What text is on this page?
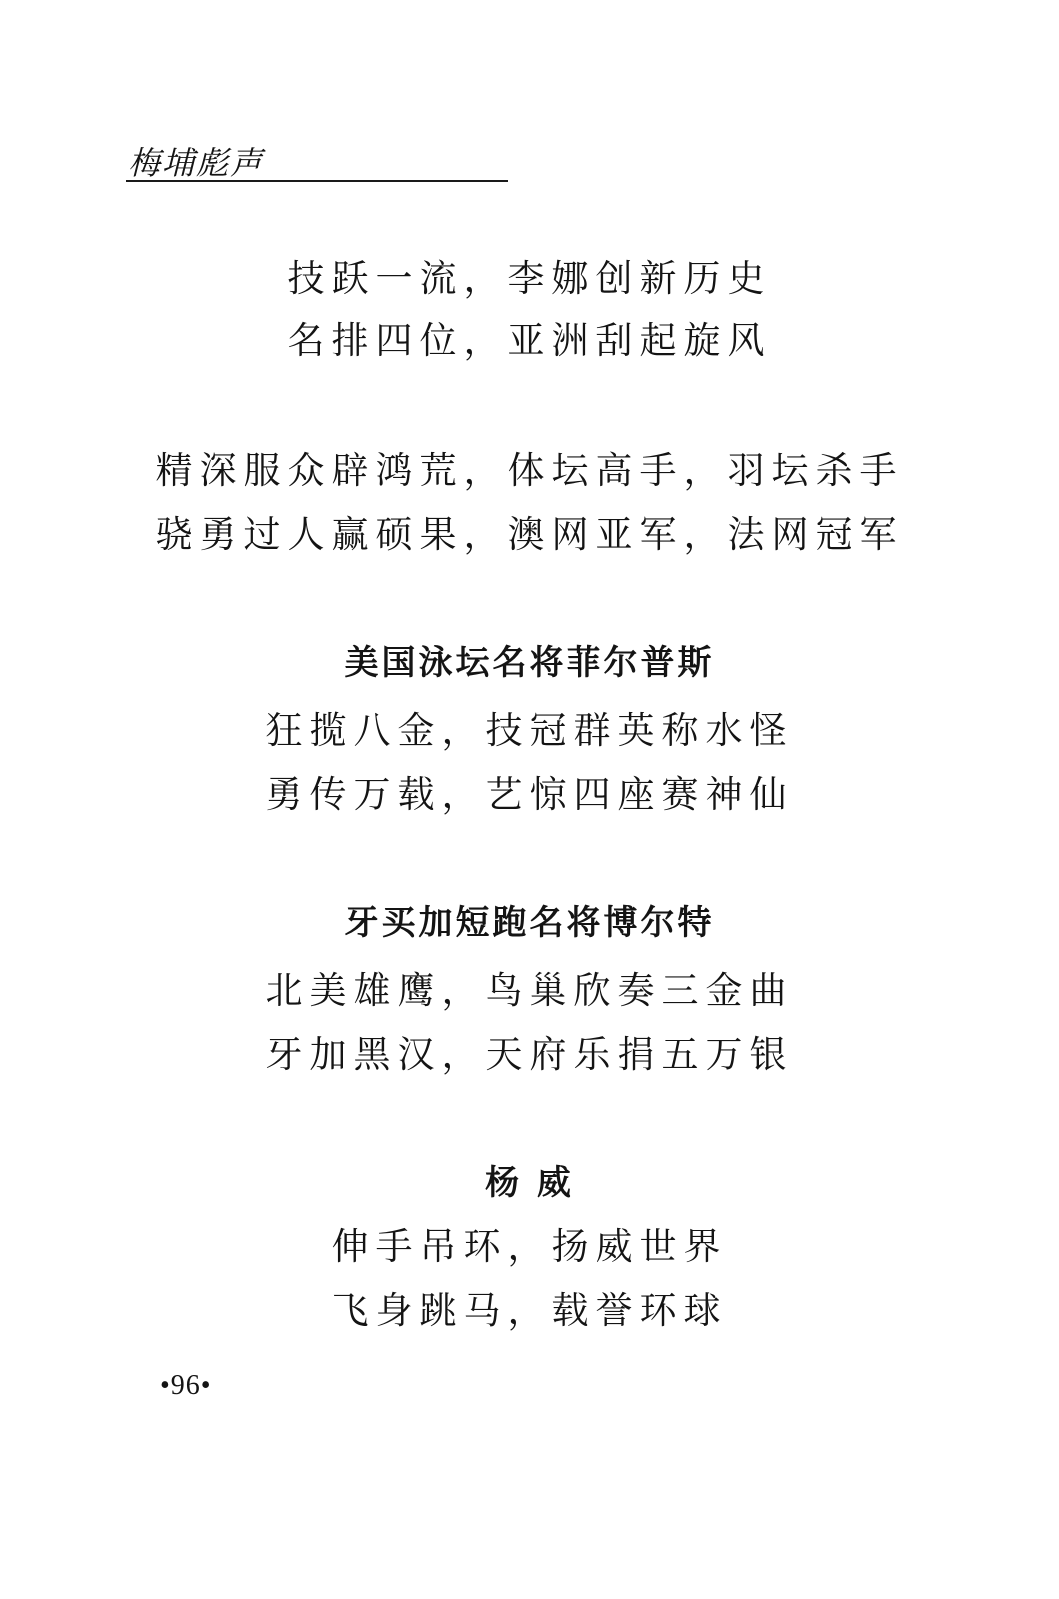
梅埔彪声
技跃一流，李娜创新历史
名排四位，亚洲刮起旋风
精深服众辟鸿荒，体坛高手，羽坛杀手
骁勇过人赢硕果，澳网亚军，法网冠军
美国泳坛名将菲尔普斯
狂揽八金，技冠群英称水怪
勇传万载，艺惊四座赛神仙
牙买加短跑名将博尔特
北美雄鹰，鸟巢欣奏三金曲
牙加黑汉，天府乐捐五万银
杨 威
伸手吊环，扬威世界
飞身跳马，载誉环球
•96•
